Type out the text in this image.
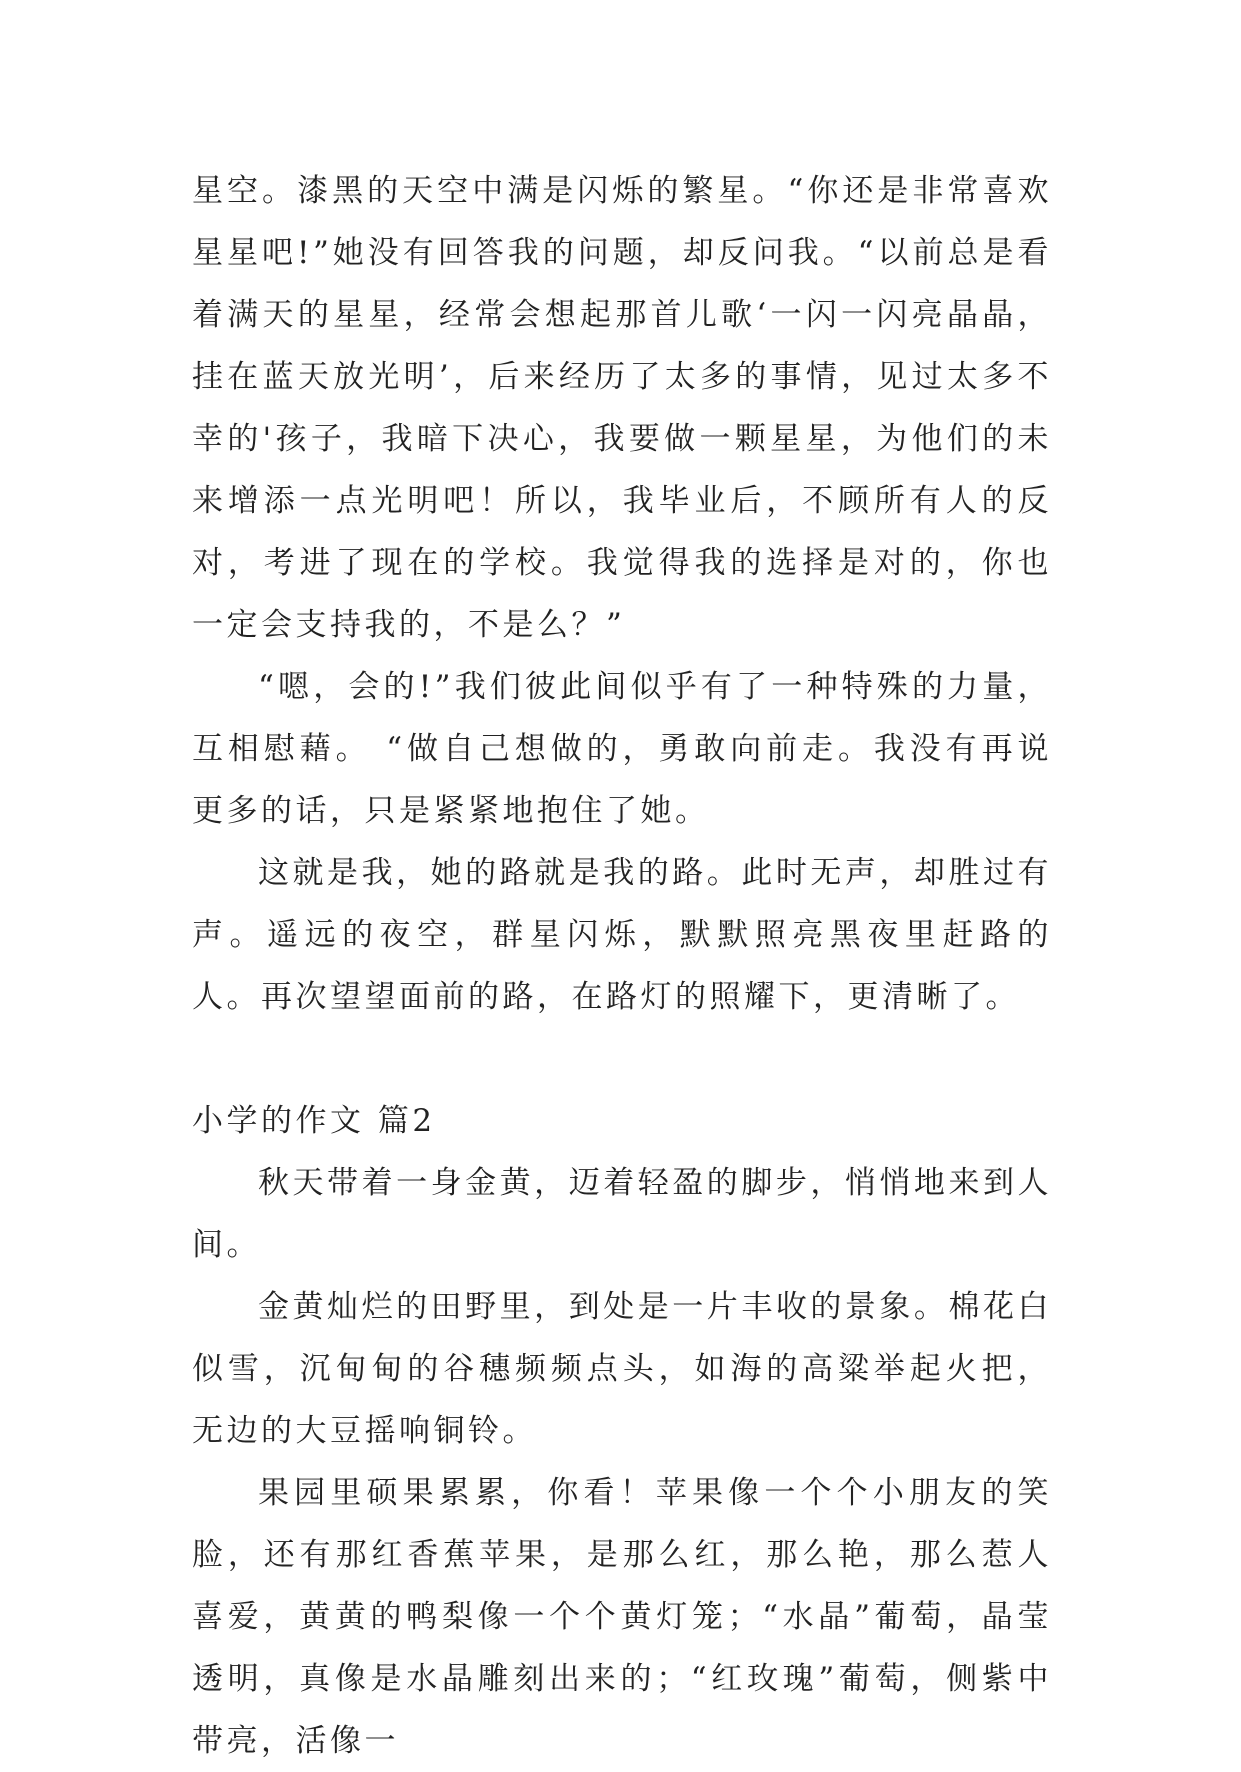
星空。漆黑的天空中满是闪烁的繁星。“你还是非常喜欢星星吧!”她没有回答我的问题，却反问我。“以前总是看着满天的星星，经常会想起那首儿歌‘一闪一闪亮晶晶，挂在蓝天放光明’，后来经历了太多的事情，见过太多不幸的'孩子，我暗下决心，我要做一颗星星，为他们的未来增添一点光明吧！所以，我毕业后，不顾所有人的反对，考进了现在的学校。我觉得我的选择是对的，你也一定会支持我的，不是么？”

“嗯，会的!”我们彼此间似乎有了一种特殊的力量，互相慰藉。 “做自己想做的，勇敢向前走。我没有再说更多的话，只是紧紧地抱住了她。

这就是我，她的路就是我的路。此时无声，却胜过有声。遥远的夜空，群星闪烁，默默照亮黑夜里赶路的人。再次望望面前的路，在路灯的照耀下，更清晰了。

小学的作文 篇2

秋天带着一身金黄，迈着轻盈的脚步，悄悄地来到人间。

金黄灿烂的田野里，到处是一片丰收的景象。棉花白似雪，沉甸甸的谷穗频频点头，如海的高粱举起火把，无边的大豆摇响铜铃。

果园里硕果累累，你看！苹果像一个个小朋友的笑脸，还有那红香蕉苹果，是那么红，那么艳，那么惹人喜爱，黄黄的鸭梨像一个个黄灯笼；“水晶”葡萄，晶莹透明，真像是水晶雕刻出来的；“红玫瑰”葡萄，侧紫中带亮，活像一
